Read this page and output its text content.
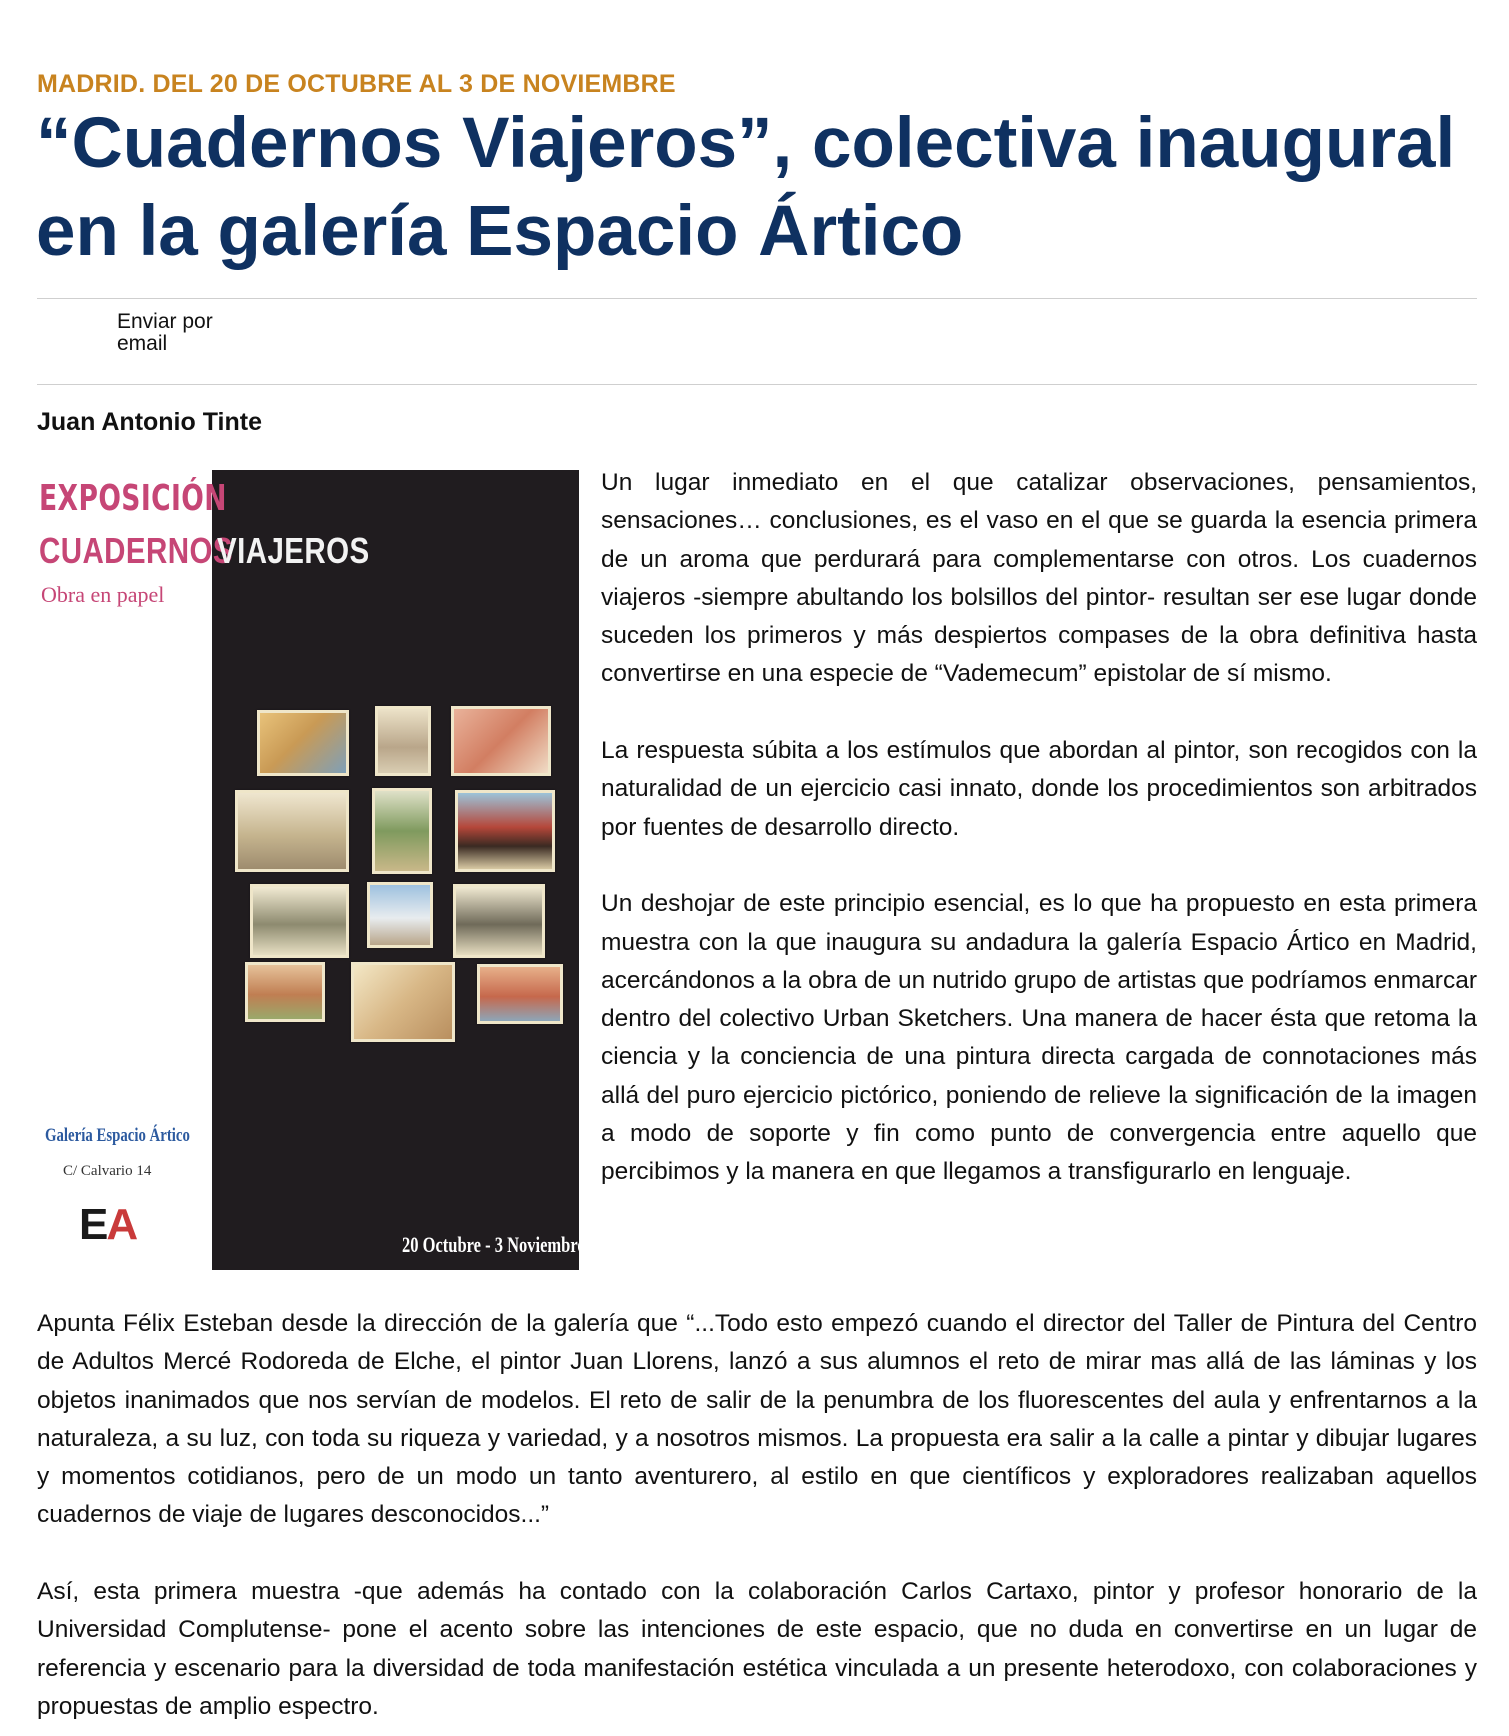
MADRID. DEL 20 DE OCTUBRE AL 3 DE NOVIEMBRE
“Cuadernos Viajeros”, colectiva inaugural en la galería Espacio Ártico
Enviar por email
Juan Antonio Tinte
EXPOSICIÓN
CUADERNOS
VIAJEROS
Obra en papel
Galería Espacio Ártico
C/ Calvario 14
EA	20 Octubre - 3 Noviembre

Un lugar inmediato en el que catalizar observaciones, pensamientos, sensaciones… conclusiones, es el vaso en el que se guarda la esencia primera de un aroma que perdurará para complementarse con otros. Los cuadernos viajeros -siempre abultando los bolsillos del pintor- resultan ser ese lugar donde suceden los primeros y más despiertos compases de la obra definitiva hasta convertirse en una especie de “Vademecum” epistolar de sí mismo.

La respuesta súbita a los estímulos que abordan al pintor, son recogidos con la naturalidad de un ejercicio casi innato, donde los procedimientos son arbitrados por fuentes de desarrollo directo.

Un deshojar de este principio esencial, es lo que ha propuesto en esta primera muestra con la que inaugura su andadura la galería Espacio Ártico en Madrid, acercándonos a la obra de un nutrido grupo de artistas que podríamos enmarcar dentro del colectivo Urban Sketchers. Una manera de hacer ésta que retoma la ciencia y la conciencia de una pintura directa cargada de connotaciones más allá del puro ejercicio pictórico, poniendo de relieve la significación de la imagen a modo de soporte y fin como punto de convergencia entre aquello que percibimos y la manera en que llegamos a transfigurarlo en lenguaje.

Apunta Félix Esteban desde la dirección de la galería que “...Todo esto empezó cuando el director del Taller de Pintura del Centro de Adultos Mercé Rodoreda de Elche, el pintor Juan Llorens, lanzó a sus alumnos el reto de mirar mas allá de las láminas y los objetos inanimados que nos servían de modelos. El reto de salir de la penumbra de los fluorescentes del aula y enfrentarnos a la naturaleza, a su luz, con toda su riqueza y variedad, y a nosotros mismos. La propuesta era salir a la calle a pintar y dibujar lugares y momentos cotidianos, pero de un modo un tanto aventurero, al estilo en que científicos y exploradores realizaban aquellos cuadernos de viaje de lugares desconocidos...”

Así, esta primera muestra -que además ha contado con la colaboración Carlos Cartaxo, pintor y profesor honorario de la Universidad Complutense- pone el acento sobre las intenciones de este espacio, que no duda en convertirse en un lugar de referencia y escenario para la diversidad de toda manifestación estética vinculada a un presente heterodoxo, con colaboraciones y propuestas de amplio espectro.
